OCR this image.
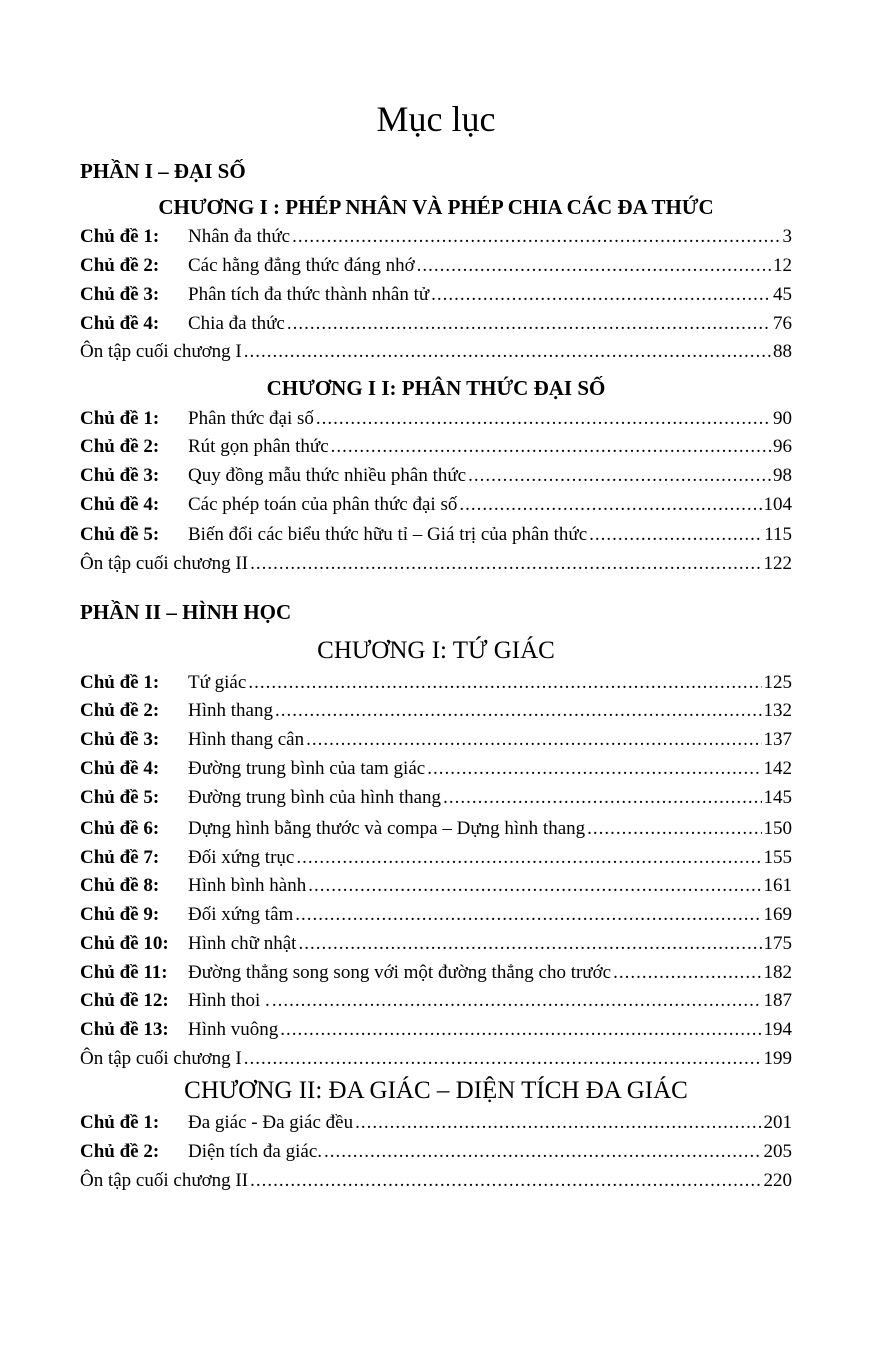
Mục lục
PHẦN I – ĐẠI SỐ
CHƯƠNG I : PHÉP NHÂN VÀ PHÉP CHIA CÁC ĐA THỨC
Chủ đề 1:	Nhân đa thức .....	3
Chủ đề 2:	Các hằng đẳng thức đáng nhớ .....	12
Chủ đề 3:	Phân tích đa thức thành nhân tử .....	45
Chủ đề 4:	Chia đa thức .....	76
Ôn tập cuối chương I .....	88
CHƯƠNG I I: PHÂN THỨC ĐẠI SỐ
Chủ đề 1:	Phân thức đại số .....	90
Chủ đề 2:	Rút gọn phân thức .....	96
Chủ đề 3:	Quy đồng mẫu thức nhiều phân thức .....	98
Chủ đề 4:	Các phép toán của phân thức đại số .....	104
Chủ đề 5:	Biến đổi các biểu thức hữu tỉ – Giá trị của phân thức .....	115
Ôn tập cuối chương II .....	122
PHẦN II – HÌNH HỌC
CHƯƠNG I: TỨ GIÁC
Chủ đề 1:	Tứ giác .....	125
Chủ đề 2:	Hình thang .....	132
Chủ đề 3:	Hình thang cân .....	137
Chủ đề 4:	Đường trung bình của tam giác .....	142
Chủ đề 5:	Đường trung bình của hình thang .....	145
Chủ đề 6:	Dựng hình bằng thước và compa – Dựng hình thang .....	150
Chủ đề 7:	Đối xứng trục .....	155
Chủ đề 8:	Hình bình hành .....	161
Chủ đề 9:	Đối xứng tâm .....	169
Chủ đề 10:	Hình chữ nhật .....	175
Chủ đề 11:	Đường thẳng song song với một đường thẳng cho trước .....	182
Chủ đề 12:	Hình thoi . .....	187
Chủ đề 13:	Hình vuông .....	194
Ôn tập cuối chương I .....	199
CHƯƠNG II: ĐA GIÁC – DIỆN TÍCH ĐA GIÁC
Chủ đề 1:	Đa giác - Đa giác đều .....	201
Chủ đề 2:	Diện tích đa giác. .....	205
Ôn tập cuối chương II .....	220
